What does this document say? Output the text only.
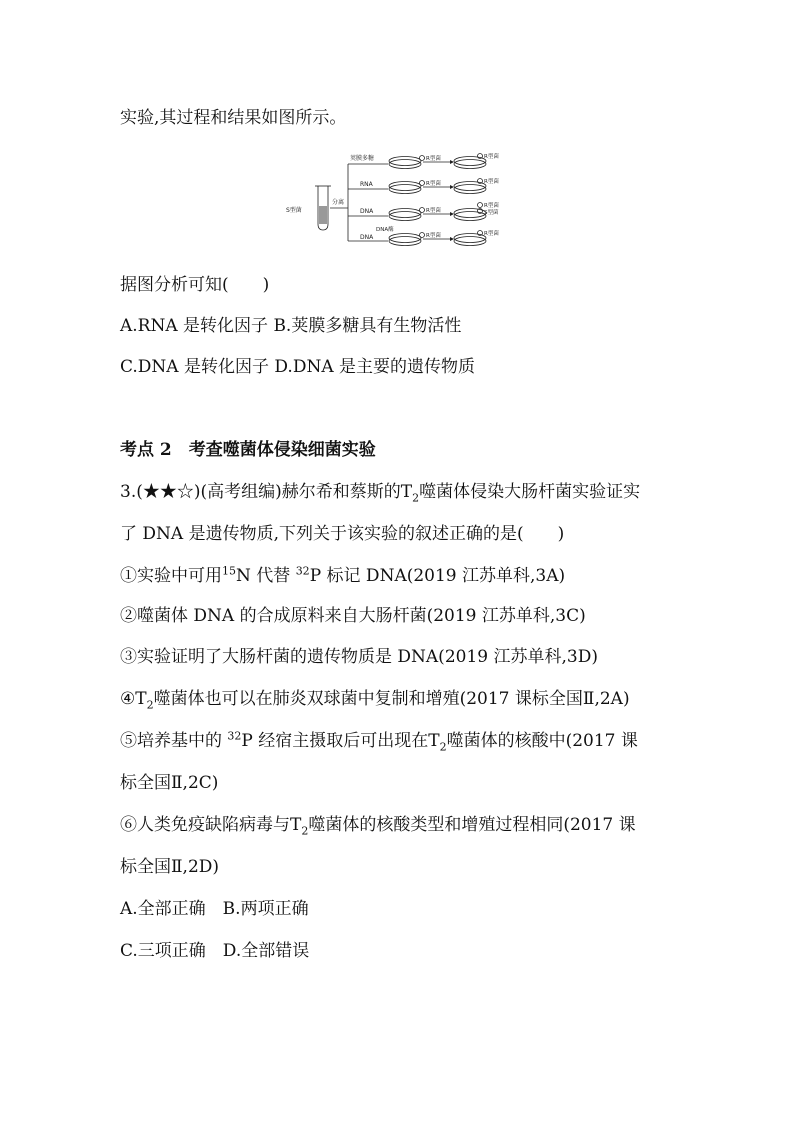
实验,其过程和结果如图所示。
S型菌
分离
荚膜多糖
RNA
DNA
DNA酶
DNA
R型菌
R型菌
R型菌
R型菌
R型菌
R型菌
R型菌
S型菌
R型菌
据图分析可知(　　)
A.RNA 是转化因子 B.荚膜多糖具有生物活性
C.DNA 是转化因子 D.DNA 是主要的遗传物质
考点 2　考查噬菌体侵染细菌实验
3.(★★☆)(高考组编)赫尔希和蔡斯的$T_2$噬菌体侵染大肠杆菌实验证实
了 DNA 是遗传物质,下列关于该实验的叙述正确的是(　　)
①实验中可用$^{15}$N 代替 $^{32}$P 标记 DNA(2019 江苏单科,3A)
②噬菌体 DNA 的合成原料来自大肠杆菌(2019 江苏单科,3C)
③实验证明了大肠杆菌的遗传物质是 DNA(2019 江苏单科,3D)
$④T_2$噬菌体也可以在肺炎双球菌中复制和增殖(2017 课标全国Ⅱ,2A)
⑤培养基中的 $^{32}$P 经宿主摄取后可出现在$T_2$噬菌体的核酸中(2017 课
标全国Ⅱ,2C)
⑥人类免疫缺陷病毒与$T_2$噬菌体的核酸类型和增殖过程相同(2017 课
标全国Ⅱ,2D)
A.全部正确　B.两项正确
C.三项正确　D.全部错误
